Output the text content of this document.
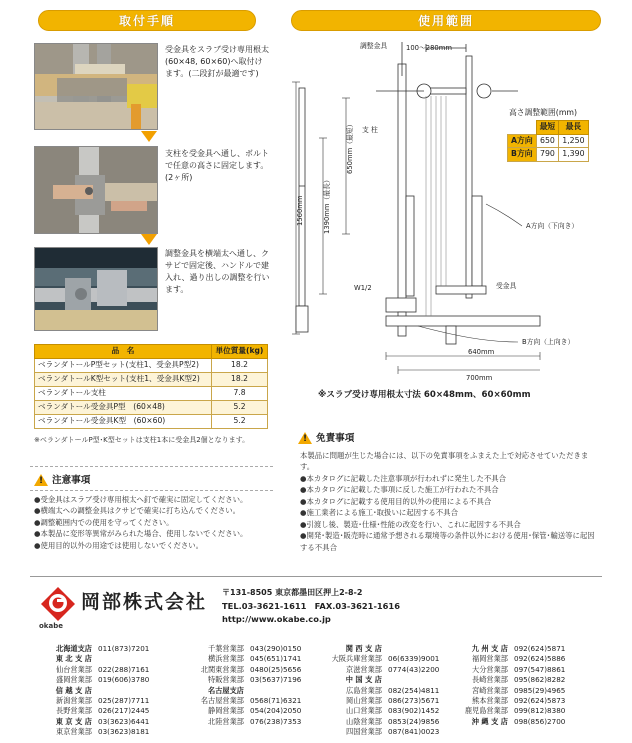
取付手順	使用範囲
受金具をスラブ受け専用根太(60×48, 60×60)へ取付けます。(二段釘が最適です)
支柱を受金具へ通し、ボルトで任意の高さに固定します。(2ヶ所)
調整金具を横端太へ通し、クサビで固定後、ハンドルで建入れ、過り出しの調整を行います。
品　名	単位質量(kg)
ベランダトールP型セット(支柱1、受金具P型2)	18.2
ベランダトールK型セット(支柱1、受金具K型2)	18.2
ベランダトール支柱	7.8
ベランダトール受金具P型　(60×48)	5.2
ベランダトール受金具K型　(60×60)	5.2
※ベランダトールP型･K型セットは支柱1本に受金具2個となります。
!注意事項
●受金具はスラブ受け専用根太へ釘で確実に固定してください。
●横端太への調整金具はクサビで確実に打ち込んでください。
●調整範囲内での使用を守ってください。
●本製品に変形等異常がみられた場合、使用しないでください。
●使用目的以外の用途では使用しないでください。
調整金具	100～280mm
支 柱
受金具
W1/2
A方向（下向き）
B方向（上向き）
640mm
700mm
650mm（最短）
1390mm（最長）
1560mm
高さ調整範囲(mm)
	最短	最長
A方向	650	1,250
B方向	790	1,390
※スラブ受け専用根太寸法 60×48mm、60×60mm
!免責事項
本製品に問題が生じた場合には、以下の免責事項をふまえた上で対応させていただきます。
●本カタログに記載した注意事項が行われずに発生した不具合
●本カタログに記載した事項に反した施工が行われた不具合
●本カタログに記載する使用目的以外の使用による不具合
●施工業者による施工･取扱いに起因する不具合
●引渡し後、製造･仕様･性能の改変を行い、これに起因する不具合
●開発･製造･販売時に通常予想される環境等の条件以外における使用･保管･輸送等に起因する不具合
okabe
岡部株式会社 〒131-8505 東京都墨田区押上2-8-2
TEL.03-3621-1611　FAX.03-3621-1616
http://www.okabe.co.jp
北海道支店 011(873)7201
東 北 支 店
仙台営業部 022(288)7161
盛岡営業部 019(606)3780
信 越 支 店
新潟営業部 025(287)7711
長野営業部 026(217)2445
東 京 支 店 03(3623)6441
東京営業部 03(3623)8181
千葉営業部 043(290)0150
横浜営業部 045(651)1741
北関東営業部 0480(25)5656
特販営業部 03(5637)7196
名古屋支店
名古屋営業部 0568(71)6321
静岡営業部 054(204)2050
北陸営業部 076(238)7353
関 西 支 店
大阪兵庫営業部 06(6339)9001
京滋営業部 0774(43)2200
中 国 支 店
広島営業部 082(254)4811
岡山営業部 086(273)5671
山口営業部 083(902)1452
山陰営業部 0853(24)9856
四国営業部 087(841)0023
九 州 支 店 092(624)5871
福岡営業部 092(624)5886
大分営業部 097(547)8861
長崎営業部 095(862)8282
宮崎営業部 0985(29)4965
熊本営業部 092(624)5873
鹿児島営業部 099(812)8380
沖 縄 支 店 098(856)2700
